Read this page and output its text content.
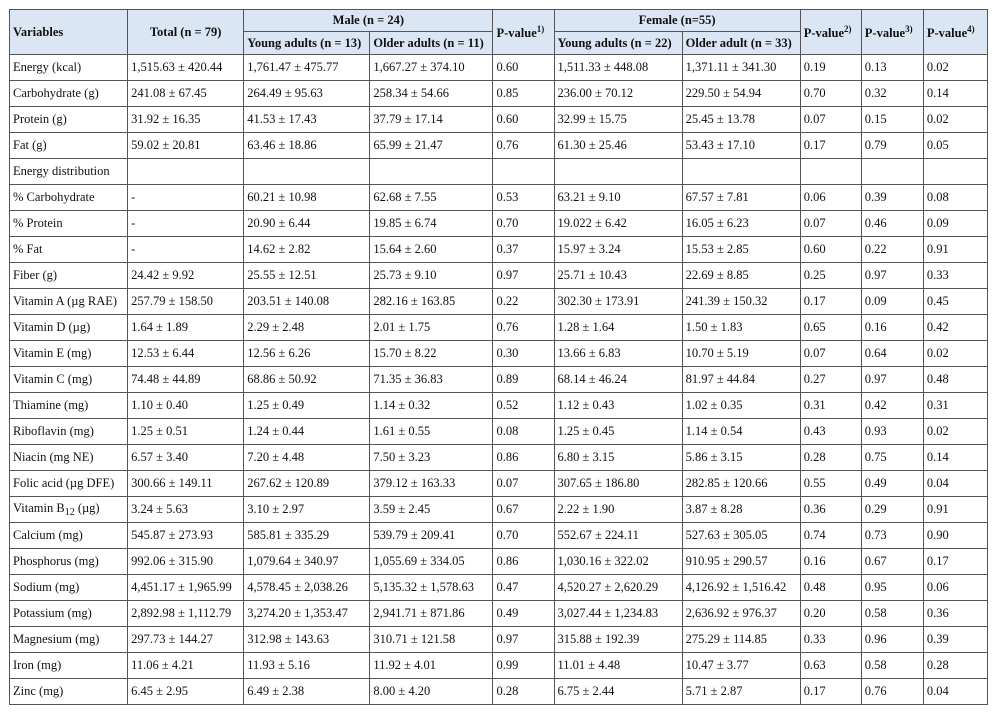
Variables	Total (n = 79)	Male (n = 24)		P-value$^{1)}$	Female (n=55)		P-value$^{2)}$	P-value$^{3)}$	P-value$^{4)}$
		Young adults (n = 13)	Older adults (n = 11)		Young adults (n = 22)	Older adult (n = 33)			
Energy (kcal)	1,515.63 ± 420.44	1,761.47 ± 475.77	1,667.27 ± 374.10	0.60	1,511.33 ± 448.08	1,371.11 ± 341.30	0.19	0.13	0.02
Carbohydrate (g)	241.08 ± 67.45	264.49 ± 95.63	258.34 ± 54.66	0.85	236.00 ± 70.12	229.50 ± 54.94	0.70	0.32	0.14
Protein (g)	31.92 ± 16.35	41.53 ± 17.43	37.79 ± 17.14	0.60	32.99 ± 15.75	25.45 ± 13.78	0.07	0.15	0.02
Fat (g)	59.02 ± 20.81	63.46 ± 18.86	65.99 ± 21.47	0.76	61.30 ± 25.46	53.43 ± 17.10	0.17	0.79	0.05
Energy distribution									
% Carbohydrate	-	60.21 ± 10.98	62.68 ± 7.55	0.53	63.21 ± 9.10	67.57 ± 7.81	0.06	0.39	0.08
% Protein	-	20.90 ± 6.44	19.85 ± 6.74	0.70	19.022 ± 6.42	16.05 ± 6.23	0.07	0.46	0.09
% Fat	-	14.62 ± 2.82	15.64 ± 2.60	0.37	15.97 ± 3.24	15.53 ± 2.85	0.60	0.22	0.91
Fiber (g)	24.42 ± 9.92	25.55 ± 12.51	25.73 ± 9.10	0.97	25.71 ± 10.43	22.69 ± 8.85	0.25	0.97	0.33
Vitamin A (µg RAE)	257.79 ± 158.50	203.51 ± 140.08	282.16 ± 163.85	0.22	302.30 ± 173.91	241.39 ± 150.32	0.17	0.09	0.45
Vitamin D (µg)	1.64 ± 1.89	2.29 ± 2.48	2.01 ± 1.75	0.76	1.28 ± 1.64	1.50 ± 1.83	0.65	0.16	0.42
Vitamin E (mg)	12.53 ± 6.44	12.56 ± 6.26	15.70 ± 8.22	0.30	13.66 ± 6.83	10.70 ± 5.19	0.07	0.64	0.02
Vitamin C (mg)	74.48 ± 44.89	68.86 ± 50.92	71.35 ± 36.83	0.89	68.14 ± 46.24	81.97 ± 44.84	0.27	0.97	0.48
Thiamine (mg)	1.10 ± 0.40	1.25 ± 0.49	1.14 ± 0.32	0.52	1.12 ± 0.43	1.02 ± 0.35	0.31	0.42	0.31
Riboflavin (mg)	1.25 ± 0.51	1.24 ± 0.44	1.61 ± 0.55	0.08	1.25 ± 0.45	1.14 ± 0.54	0.43	0.93	0.02
Niacin (mg NE)	6.57 ± 3.40	7.20 ± 4.48	7.50 ± 3.23	0.86	6.80 ± 3.15	5.86 ± 3.15	0.28	0.75	0.14
Folic acid (µg DFE)	300.66 ± 149.11	267.62 ± 120.89	379.12 ± 163.33	0.07	307.65 ± 186.80	282.85 ± 120.66	0.55	0.49	0.04
Vitamin $B_{12}$ (µg)	3.24 ± 5.63	3.10 ± 2.97	3.59 ± 2.45	0.67	2.22 ± 1.90	3.87 ± 8.28	0.36	0.29	0.91
Calcium (mg)	545.87 ± 273.93	585.81 ± 335.29	539.79 ± 209.41	0.70	552.67 ± 224.11	527.63 ± 305.05	0.74	0.73	0.90
Phosphorus (mg)	992.06 ± 315.90	1,079.64 ± 340.97	1,055.69 ± 334.05	0.86	1,030.16 ± 322.02	910.95 ± 290.57	0.16	0.67	0.17
Sodium (mg)	4,451.17 ± 1,965.99	4,578.45 ± 2,038.26	5,135.32 ± 1,578.63	0.47	4,520.27 ± 2,620.29	4,126.92 ± 1,516.42	0.48	0.95	0.06
Potassium (mg)	2,892.98 ± 1,112.79	3,274.20 ± 1,353.47	2,941.71 ± 871.86	0.49	3,027.44 ± 1,234.83	2,636.92 ± 976.37	0.20	0.58	0.36
Magnesium (mg)	297.73 ± 144.27	312.98 ± 143.63	310.71 ± 121.58	0.97	315.88 ± 192.39	275.29 ± 114.85	0.33	0.96	0.39
Iron (mg)	11.06 ± 4.21	11.93 ± 5.16	11.92 ± 4.01	0.99	11.01 ± 4.48	10.47 ± 3.77	0.63	0.58	0.28
Zinc (mg)	6.45 ± 2.95	6.49 ± 2.38	8.00 ± 4.20	0.28	6.75 ± 2.44	5.71 ± 2.87	0.17	0.76	0.04
